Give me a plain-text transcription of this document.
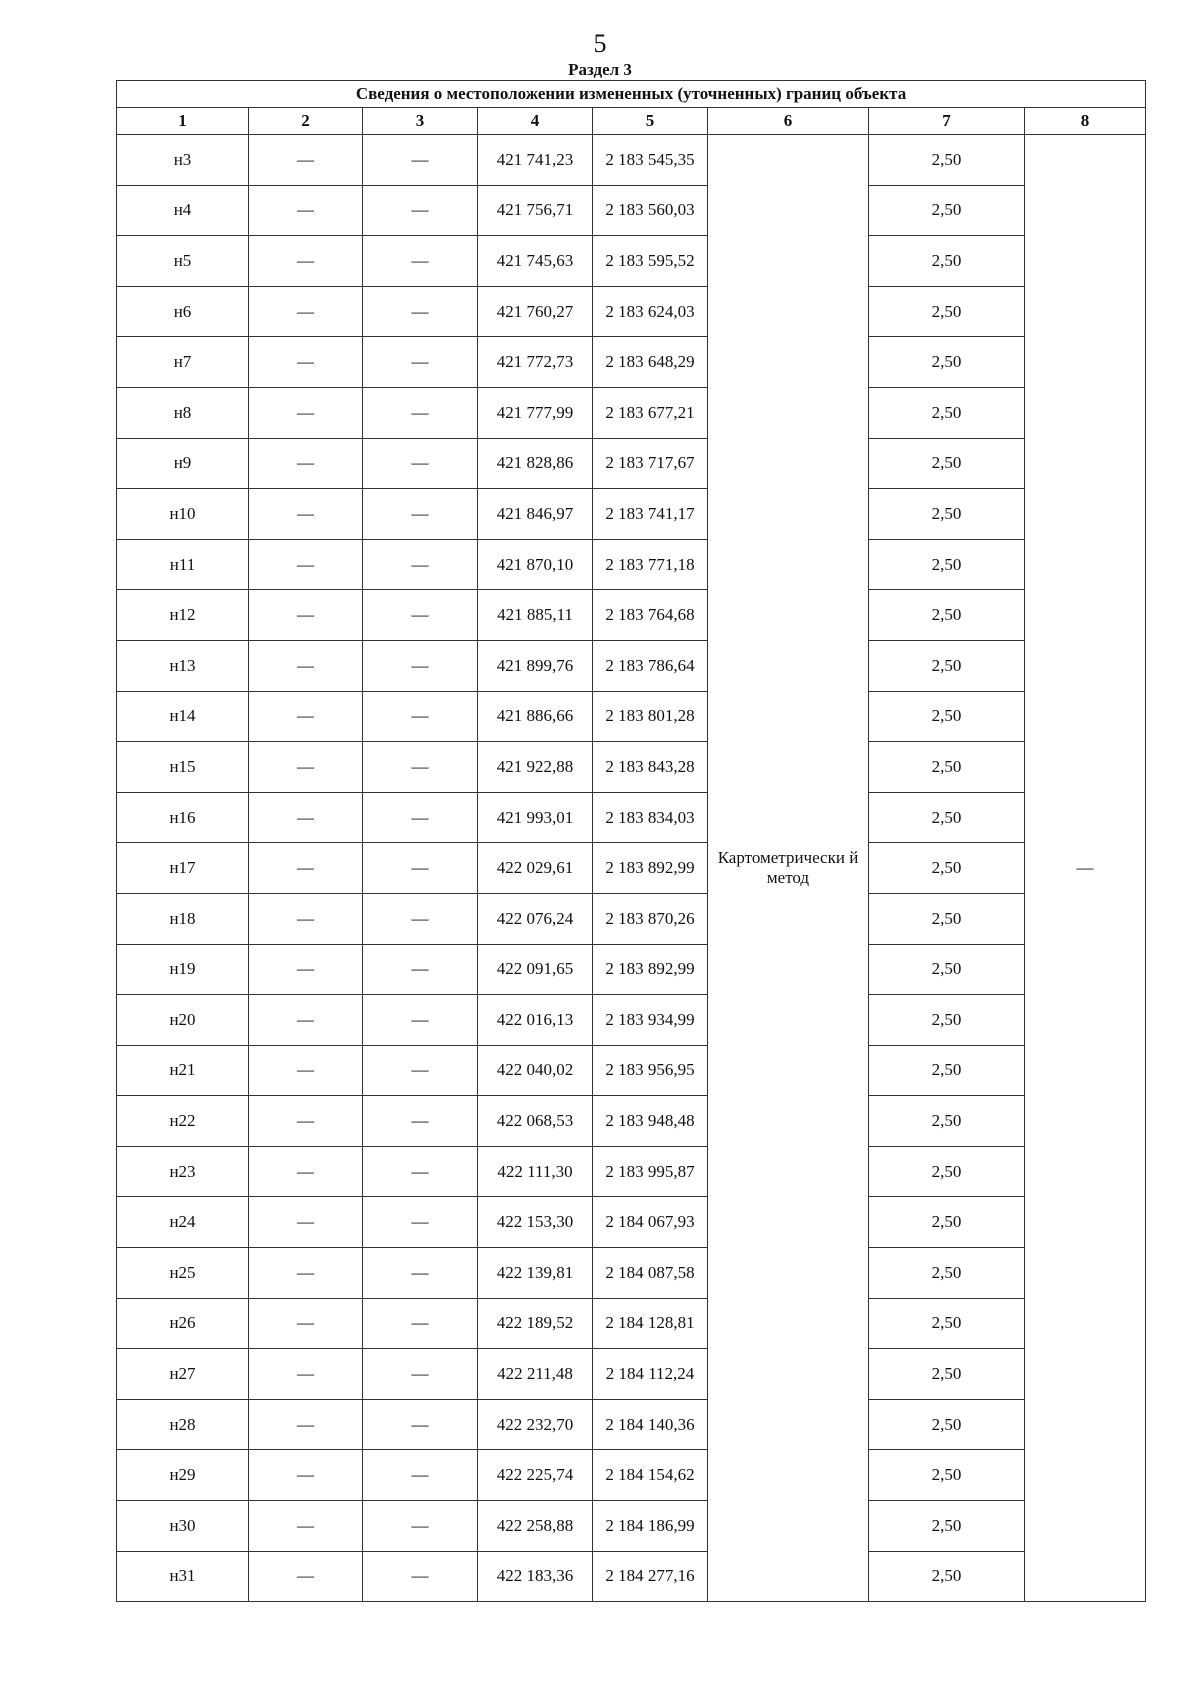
5
Раздел 3
Сведения о местоположении измененных (уточненных) границ объекта							
1	2	3	4	5	6	7	8
н3	—	—	421 741,23	2 183 545,35	Картометрически й метод	2,50	—
н4	—	—	421 756,71	2 183 560,03		2,50	
н5	—	—	421 745,63	2 183 595,52		2,50	
н6	—	—	421 760,27	2 183 624,03		2,50	
н7	—	—	421 772,73	2 183 648,29		2,50	
н8	—	—	421 777,99	2 183 677,21		2,50	
н9	—	—	421 828,86	2 183 717,67		2,50	
н10	—	—	421 846,97	2 183 741,17		2,50	
н11	—	—	421 870,10	2 183 771,18		2,50	
н12	—	—	421 885,11	2 183 764,68		2,50	
н13	—	—	421 899,76	2 183 786,64		2,50	
н14	—	—	421 886,66	2 183 801,28		2,50	
н15	—	—	421 922,88	2 183 843,28		2,50	
н16	—	—	421 993,01	2 183 834,03		2,50	
н17	—	—	422 029,61	2 183 892,99		2,50	
н18	—	—	422 076,24	2 183 870,26		2,50	
н19	—	—	422 091,65	2 183 892,99		2,50	
н20	—	—	422 016,13	2 183 934,99		2,50	
н21	—	—	422 040,02	2 183 956,95		2,50	
н22	—	—	422 068,53	2 183 948,48		2,50	
н23	—	—	422 111,30	2 183 995,87		2,50	
н24	—	—	422 153,30	2 184 067,93		2,50	
н25	—	—	422 139,81	2 184 087,58		2,50	
н26	—	—	422 189,52	2 184 128,81		2,50	
н27	—	—	422 211,48	2 184 112,24		2,50	
н28	—	—	422 232,70	2 184 140,36		2,50	
н29	—	—	422 225,74	2 184 154,62		2,50	
н30	—	—	422 258,88	2 184 186,99		2,50	
н31	—	—	422 183,36	2 184 277,16		2,50	
